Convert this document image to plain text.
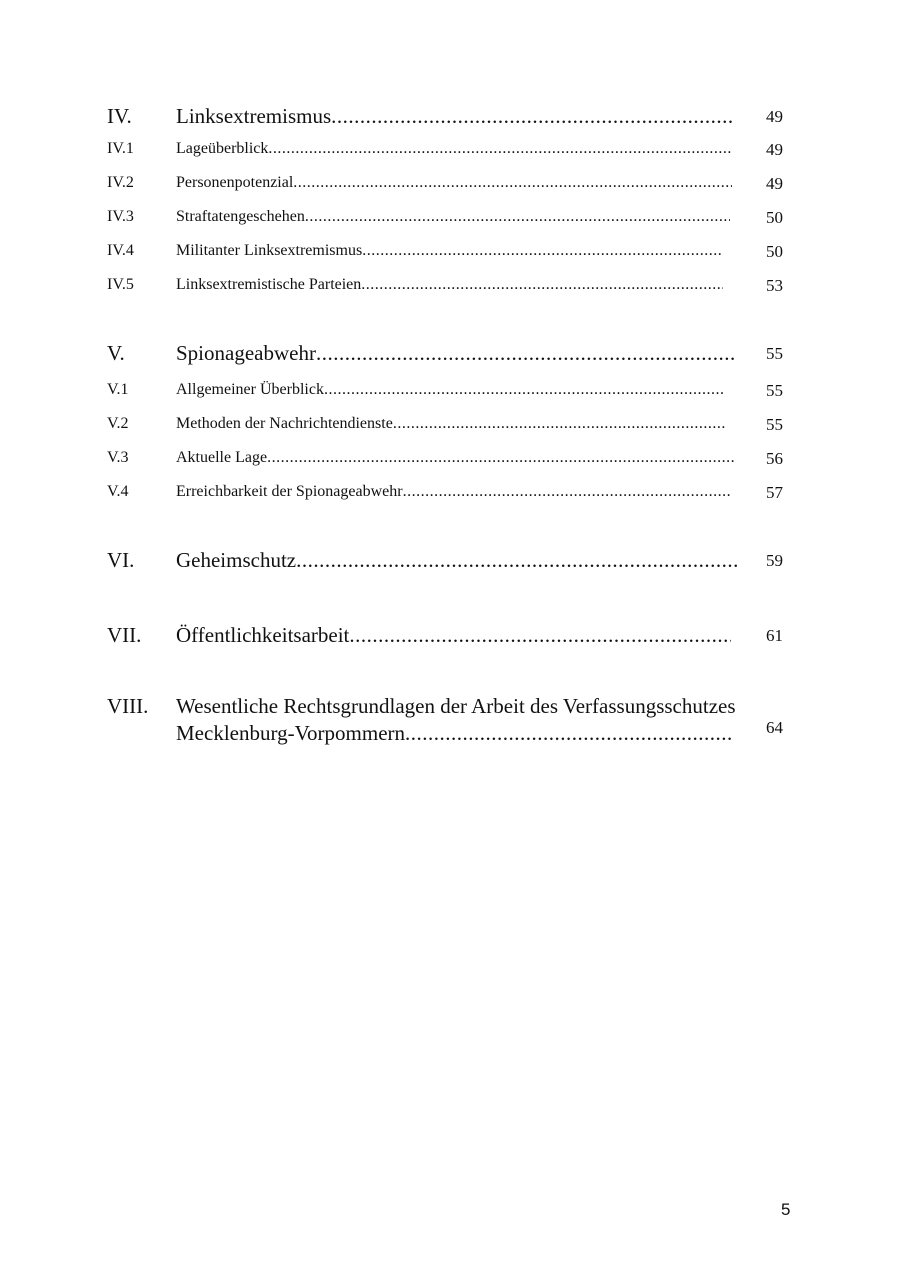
IV. Linksextremismus .....	49
IV.1	Lageüberblick .....	49
IV.2	Personenpotenzial .....	49
IV.3	Straftatengeschehen .....	50
IV.4	Militanter Linksextremismus .....	50
IV.5	Linksextremistische Parteien .....	53
V. Spionageabwehr .....	55
V.1	Allgemeiner Überblick .....	55
V.2	Methoden der Nachrichtendienste .....	55
V.3	Aktuelle Lage .....	56
V.4	Erreichbarkeit der Spionageabwehr .....	57
VI. Geheimschutz .....	59
VII. Öffentlichkeitsarbeit .....	61
VIII. Wesentliche Rechtsgrundlagen der Arbeit des Verfassungsschutzes
Mecklenburg-Vorpommern .....	64
5
